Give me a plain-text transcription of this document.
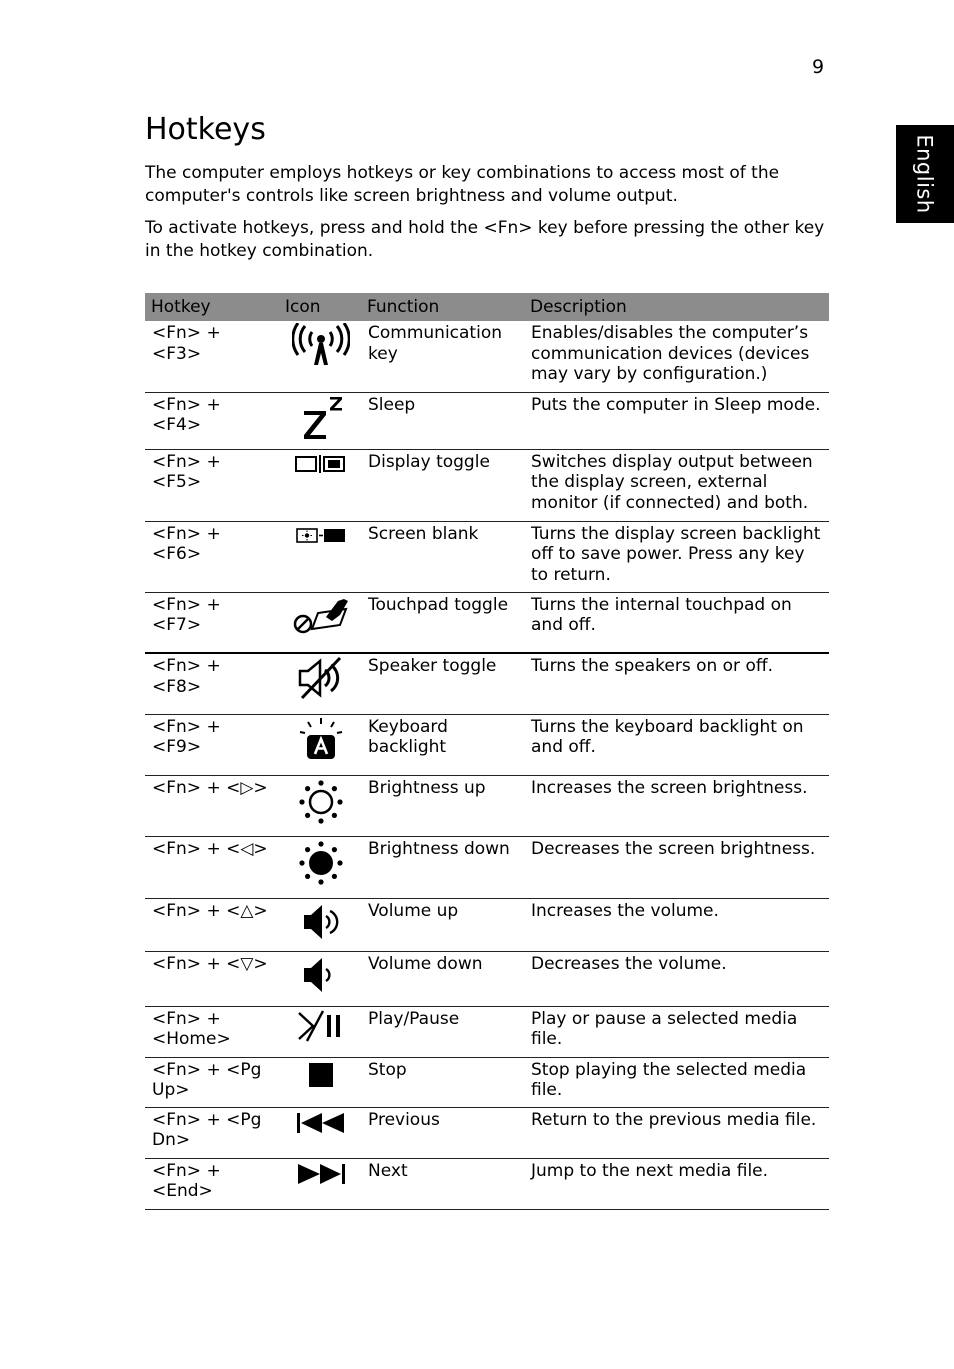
9
English
Hotkeys

The computer employs hotkeys or key combinations to access most of the computer's controls like screen brightness and volume output.

To activate hotkeys, press and hold the <Fn> key before pressing the other key in the hotkey combination.

Hotkey	Icon	Function	Description
<Fn> + <F3>		Communication key	Enables/disables the computer’s communication devices (devices may vary by configuration.)
<Fn> + <F4>		Sleep	Puts the computer in Sleep mode.
<Fn> + <F5>		Display toggle	Switches display output between the display screen, external monitor (if connected) and both.
<Fn> + <F6>		Screen blank	Turns the display screen backlight off to save power. Press any key to return.
<Fn> + <F7>		Touchpad toggle	Turns the internal touchpad on and off.
<Fn> + <F8>		Speaker toggle	Turns the speakers on or off.
<Fn> + <F9>		Keyboard backlight	Turns the keyboard backlight on and off.
<Fn> + <▷>		Brightness up	Increases the screen brightness.
<Fn> + <◁>		Brightness down	Decreases the screen brightness.
<Fn> + <△>		Volume up	Increases the volume.
<Fn> + <▽>		Volume down	Decreases the volume.
<Fn> + <Home>		Play/Pause	Play or pause a selected media file.
<Fn> + <Pg Up>		Stop	Stop playing the selected media file.
<Fn> + <Pg Dn>		Previous	Return to the previous media file.
<Fn> + <End>		Next	Jump to the next media file.
